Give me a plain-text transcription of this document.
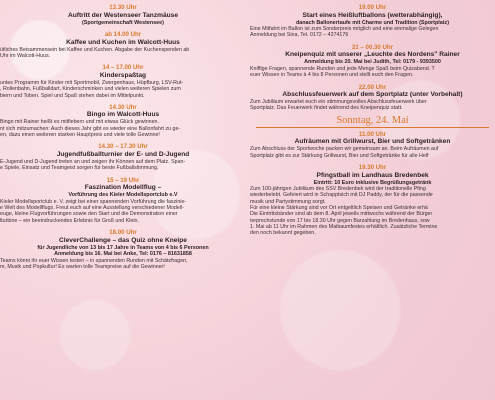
13.30 Uhr
Auftritt der Westenseer Tanzmäuse
(Sportgemeinschaft Westensee)
ab 14.00 Uhr
Kaffee und Kuchen im Walcott-Huus
ütliches Beisammensein bei Kaffee und Kuchen. Abgabe der Kuchenspenden ab
Uhr im Walcott-Huus.
14 – 17.00 Uhr
Kinderspaßtag
untes Programm für Kinder mit Sportmobil, Zwergenhaus, Hüpfburg, LSV-Rut-
, Rollenbahn, Fußballdart, Kinderschminken und vielen weiteren Spielen zum
biern und Toben. Spiel und Spaß stehen dabei im Mittelpunkt.
14.30 Uhr
Bingo im Walcott-Huus
Bingo mit Rainer heißt es mitfiebern und mit etwas Glück gewinnen.
nt sich mitzumachen: Auch dieses Jahr gibt es wieder eine Ballonfahrt zu ge-
en, dazu einen weiteren starken Hauptpreis und viele tolle Gewinne!
14.30 – 17.30 Uhr
Jugendfußballturnier der E- und D-Jugend
E-Jugend und D-Jugend treten an und zeigen ihr Können auf dem Platz. Span-
e Spiele, Einsatz und Teamgeist sorgen für beste Fußballstimmung.
15 – 19 Uhr
Faszination Modellflug –
Vorführung des Kieler Modellsportclub e.V
Kieler Modellsportclub e. V. zeigt bei einer spannenden Vorführung die faszinie-
e Welt des Modellflugs. Freut euch auf eine Ausstellung verschiedener Modell-
euge, kleine Flugvorführungen sowie den Start und die Demonstration einer
lturbine – ein beeindruckendes Erlebnis für Groß und Klein.
18.00 Uhr
CleverChallenge – das Quiz ohne Kneipe
für Jugendliche von 13 bis 17 Jahre in Teams von 4 bis 6 Personen
Anmeldung bis 16. Mai bei Anke, Tel: 0176 – 81631858
Teams könnt ihr euer Wissen testen – in spannenden Runden mit Schätzfragen,
m, Musik und Popkultur! Es warten tolle Teampreise auf die Gewinner!
19.00 Uhr
Start eines Heißluftballons (wetterabhängig),
danach Ballonertaufe mit Charme und Tradition (Sportplatz)
Eine Mitfahrt im Ballon ist zum Sonderpreis möglich und eine einmalige Gelegen
Anmeldung bei Sina, Tel. 0172 – 4274176
21 – 00.30 Uhr
Kneipenquiz mit unserer „Leuchte des Nordens" Rainer
Anmeldung bis 20. Mai bei Judith, Tel: 0179 - 9393500
Kniffige Fragen, spannende Runden und jede Menge Spaß beim Quizabend. T
euer Wissen in Teams à 4 bis 8 Personen und stellt euch den Fragen.
22.00 Uhr
Abschlussfeuerwerk auf dem Sportplatz (unter Vorbehalt)
Zum Jubiläum erwartet euch ein stimmungsvolles Abschlussfeuerwerk über
Sportplatz. Das Feuerwerk findet während des Kneipenquiz statt.
Sonntag, 24. Mai
11.00 Uhr
Aufräumen mit Grillwurst, Bier und Softgetränken
Zum Abschluss der Sportwoche packen wir gemeinsam an. Beim Aufräumen auf
Sportplatz gibt es zur Stärkung Grillwurst, Bier und Softgetränke für alle Helf
19.30 Uhr
Pfingstball im Landhaus Bredenbek
Eintritt: 10 Euro inklusive Begrüßungsgetränk
Zum 100-jährigen Jubiläum des SSV Bredenbek wird der traditionelle Pfing
wiederbelebt. Gefeiert wird in Schapptsich mit DJ Paddy, der für die passende
musik und Partystimmung sorgt.
Für eine kleine Stärkung sind vor Ort entgeltlich Speisen und Getränke erhä
Die Eintrittsbänder sind ab dem 8. April jeweils mittwochs während der Bürger
terprechstunde von 17 bis 18.30 Uhr gegen Barzahlung im Bredenhaus, sow
1. Mai ab 11 Uhr im Rahmen des Maibaumfestes erhältlich. Zusätzliche Termine
den noch bekannt gegeben.
